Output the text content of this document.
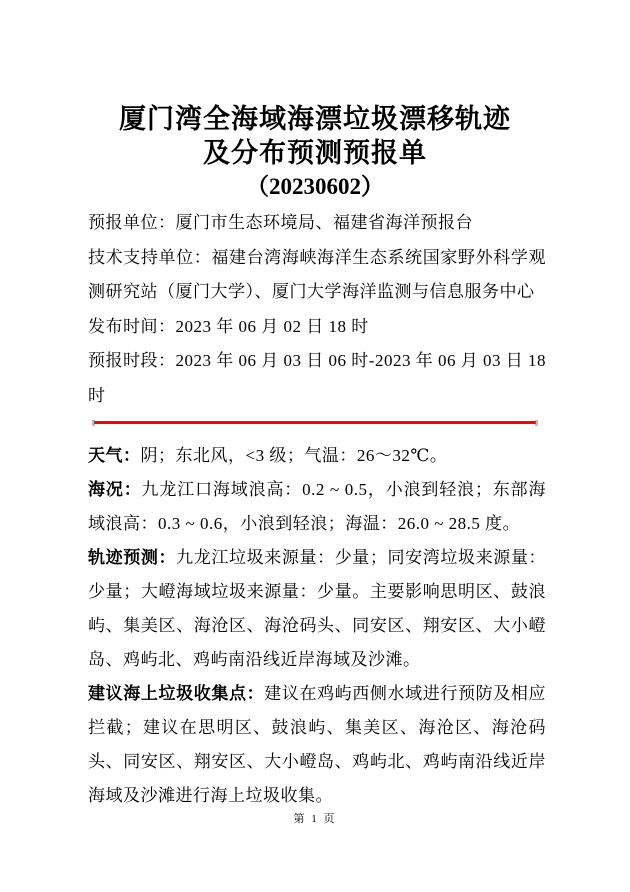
厦门湾全海域海漂垃圾漂移轨迹
及分布预测预报单
（20230602）

预报单位：厦门市生态环境局、福建省海洋预报台

技术支持单位：福建台湾海峡海洋生态系统国家野外科学观测研究站（厦门大学）、厦门大学海洋监测与信息服务中心

发布时间：2023 年 06 月 02 日 18 时

预报时段：2023 年 06 月 03 日 06 时-2023 年 06 月 03 日 18 时

天气：阴；东北风，<3 级；气温：26～32℃。

海况：九龙江口海域浪高：0.2 ~ 0.5，小浪到轻浪；东部海域浪高：0.3 ~ 0.6，小浪到轻浪；海温：26.0 ~ 28.5 度。

轨迹预测：九龙江垃圾来源量：少量；同安湾垃圾来源量：少量；大嶝海域垃圾来源量：少量。主要影响思明区、鼓浪屿、集美区、海沧区、海沧码头、同安区、翔安区、大小嶝岛、鸡屿北、鸡屿南沿线近岸海域及沙滩。

建议海上垃圾收集点：建议在鸡屿西侧水域进行预防及相应拦截；建议在思明区、鼓浪屿、集美区、海沧区、海沧码头、同安区、翔安区、大小嶝岛、鸡屿北、鸡屿南沿线近岸海域及沙滩进行海上垃圾收集。

第 1 页
